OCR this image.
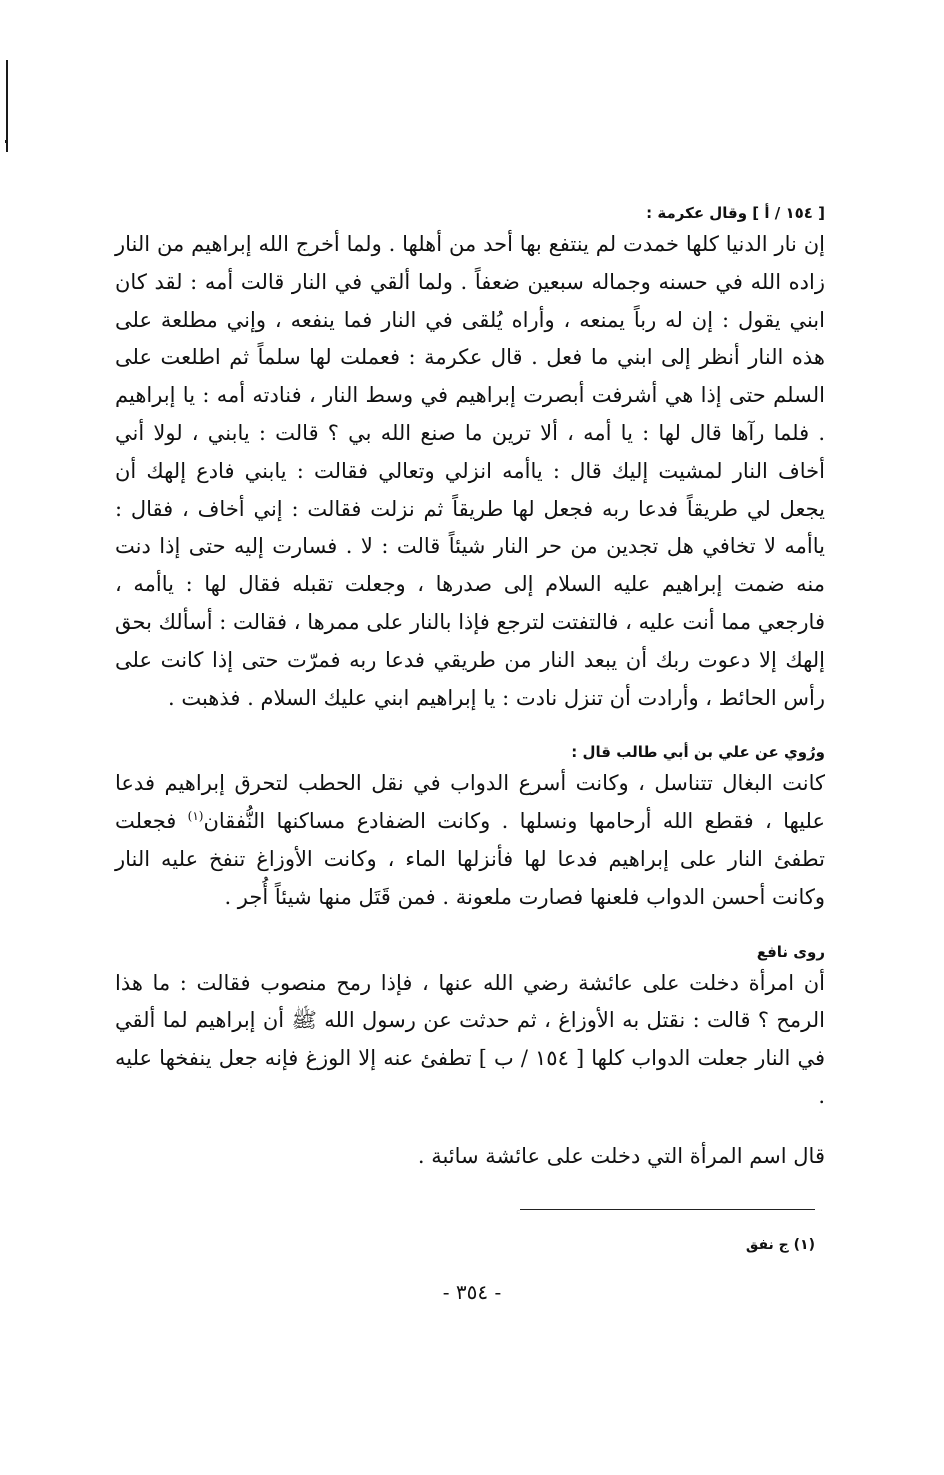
[ ١٥٤ / أ ] وقال عكرمة :

إن نار الدنيا كلها خمدت لم ينتفع بها أحد من أهلها . ولما أخرج الله إبراهيم من النار زاده الله في حسنه وجماله سبعين ضعفاً . ولما ألقي في النار قالت أمه : لقد كان ابني يقول : إن له رباً يمنعه ، وأراه يُلقى في النار فما ينفعه ، وإني مطلعة على هذه النار أنظر إلى ابني ما فعل . قال عكرمة : فعملت لها سلماً ثم اطلعت على السلم حتى إذا هي أشرفت أبصرت إبراهيم في وسط النار ، فنادته أمه : يا إبراهيم . فلما رآها قال لها : يا أمه ، ألا ترين ما صنع الله بي ؟ قالت : يابني ، لولا أني أخاف النار لمشيت إليك قال : ياأمه انزلي وتعالي فقالت : يابني فادع إلهك أن يجعل لي طريقاً فدعا ربه فجعل لها طريقاً ثم نزلت فقالت : إني أخاف ، فقال : ياأمه لا تخافي هل تجدين من حر النار شيئاً قالت : لا . فسارت إليه حتى إذا دنت منه ضمت إبراهيم عليه السلام إلى صدرها ، وجعلت تقبله فقال لها : ياأمه ، فارجعي مما أنت عليه ، فالتفتت لترجع فإذا بالنار على ممرها ، فقالت : أسألك بحق إلهك إلا دعوت ربك أن يبعد النار من طريقي فدعا ربه فمرّت حتى إذا كانت على رأس الحائط ، وأرادت أن تنزل نادت : يا إبراهيم ابني عليك السلام . فذهبت .

ورُوي عن علي بن أبي طالب قال :

كانت البغال تتناسل ، وكانت أسرع الدواب في نقل الحطب لتحرق إبراهيم فدعا عليها ، فقطع الله أرحامها ونسلها . وكانت الضفادع مساكنها النُّفقان$^{(١)}$ فجعلت تطفئ النار على إبراهيم فدعا لها فأنزلها الماء ، وكانت الأوزاغ تنفخ عليه النار وكانت أحسن الدواب فلعنها فصارت ملعونة . فمن قَتَل منها شيئاً أُجر .

روى نافع

أن امرأة دخلت على عائشة رضي الله عنها ، فإذا رمح منصوب فقالت : ما هذا الرمح ؟ قالت : نقتل به الأوزاغ ، ثم حدثت عن رسول الله ﷺ أن إبراهيم لما ألقي في النار جعلت الدواب كلها [ ١٥٤ / ب ] تطفئ عنه إلا الوزغ فإنه جعل ينفخها عليه .

قال اسم المرأة التي دخلت على عائشة سائبة .

(١) ج نفق
- ٣٥٤ -
